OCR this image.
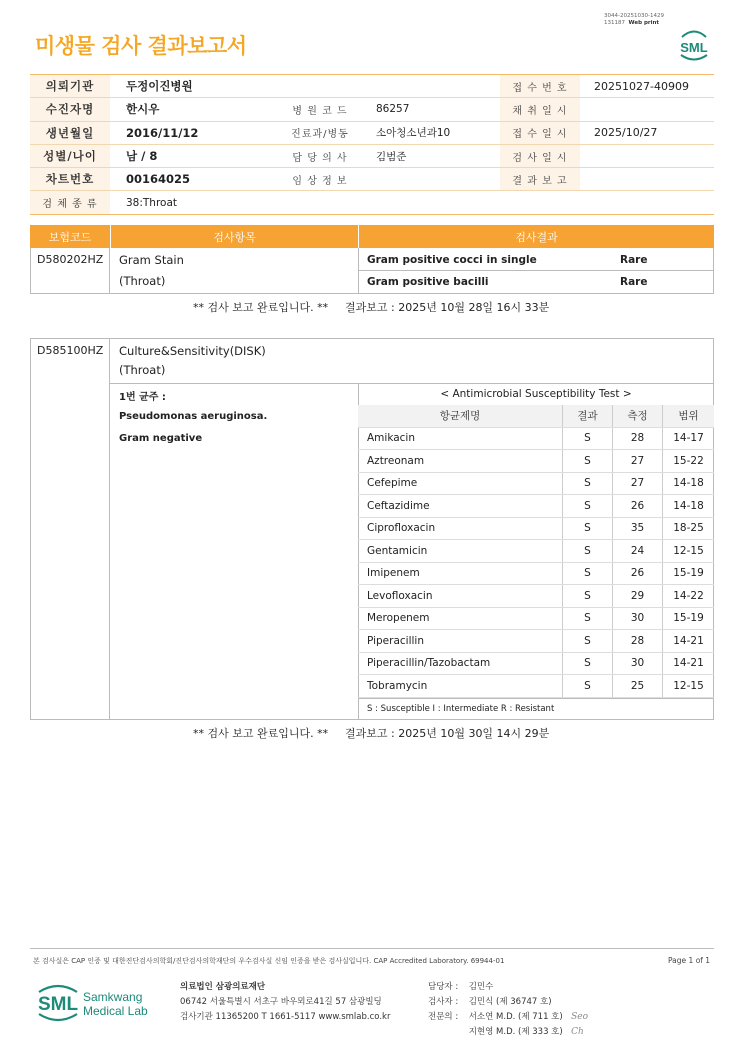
미생물 검사 결과보고서
3044-20251030-1429
131187 Web print
SML
의뢰기관	두정이진병원	접 수 번 호	20251027-40909
수진자명	한시우	병 원 코 드	86257	채 취 일 시
생년월일	2016/11/12	진료과/병동	소아청소년과10	접 수 일 시	2025/10/27
성별/나이	남 / 8	담 당 의 사	김범준	검 사 일 시
차트번호	00164025	임 상 정 보	결 과 보 고
검 체 종 류	38:Throat
보험코드	검사항목	검사결과
D580202HZ Gram Stain
(Throat)
Gram positive cocci in single	Rare
Gram positive bacilli	Rare
** 검사 보고 완료입니다. ** 결과보고 : 2025년 10월 28일 16시 33분
D585100HZ Culture&Sensitivity(DISK)
(Throat)
1번 균주 :
Pseudomonas aeruginosa.
Gram negative
< Antimicrobial Susceptibility Test >
항균제명	결과	측정	범위
Amikacin	S	28	14-17
Aztreonam	S	27	15-22
Cefepime	S	27	14-18
Ceftazidime	S	26	14-18
Ciprofloxacin	S	35	18-25
Gentamicin	S	24	12-15
Imipenem	S	26	15-19
Levofloxacin	S	29	14-22
Meropenem	S	30	15-19
Piperacillin	S	28	14-21
Piperacillin/Tazobactam	S	30	14-21
Tobramycin	S	25	12-15
S : Susceptible I : Intermediate R : Resistant
** 검사 보고 완료입니다. ** 결과보고 : 2025년 10월 30일 14시 29분
본 검사실은 CAP 인증 및 대한진단검사의학회/진단검사의학재단의 우수검사실 신임 인증을 받은 검사실입니다. CAP Accredited Laboratory. 69944-01	Page 1 of 1
SML Samkwang
Medical Lab
의료법인 삼광의료재단
06742 서울특별시 서초구 바우뫼로41길 57 삼광빌딩
검사기관 11365200 T 1661-5117 www.smlab.co.kr
담당자 : 김민수
검사자 : 김민식 (제 36747 호)
전문의 : 서소연 M.D. (제 711 호)   Seo
지현영 M.D. (제 333 호)   Ch
